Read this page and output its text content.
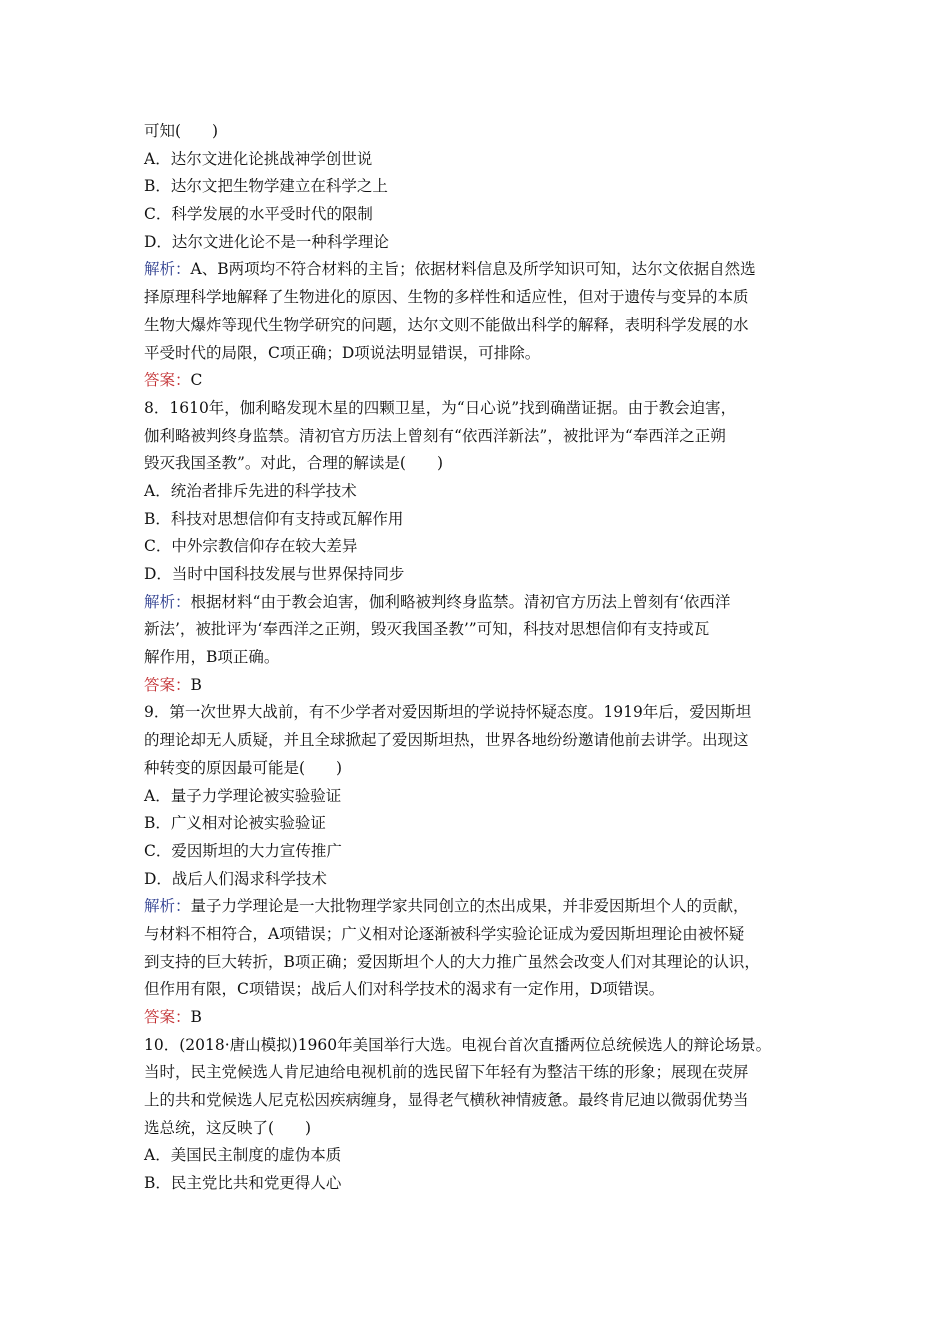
可知(　　)
A．达尔文进化论挑战神学创世说
B．达尔文把生物学建立在科学之上
C．科学发展的水平受时代的限制
D．达尔文进化论不是一种科学理论
解析：A、B两项均不符合材料的主旨；依据材料信息及所学知识可知，达尔文依据自然选
择原理科学地解释了生物进化的原因、生物的多样性和适应性，但对于遗传与变异的本质
生物大爆炸等现代生物学研究的问题，达尔文则不能做出科学的解释，表明科学发展的水
平受时代的局限，C项正确；D项说法明显错误，可排除。
答案：C
8．1610年，伽利略发现木星的四颗卫星，为“日心说”找到确凿证据。由于教会迫害，
伽利略被判终身监禁。清初官方历法上曾刻有“依西洋新法”，被批评为“奉西洋之正朔
毁灭我国圣教”。对此，合理的解读是(　　)
A．统治者排斥先进的科学技术
B．科技对思想信仰有支持或瓦解作用
C．中外宗教信仰存在较大差异
D．当时中国科技发展与世界保持同步
解析：根据材料“由于教会迫害，伽利略被判终身监禁。清初官方历法上曾刻有‘依西洋
新法’，被批评为‘奉西洋之正朔，毁灭我国圣教’”可知，科技对思想信仰有支持或瓦
解作用，B项正确。
答案：B
9．第一次世界大战前，有不少学者对爱因斯坦的学说持怀疑态度。1919年后，爱因斯坦
的理论却无人质疑，并且全球掀起了爱因斯坦热，世界各地纷纷邀请他前去讲学。出现这
种转变的原因最可能是(　　)
A．量子力学理论被实验验证
B．广义相对论被实验验证
C．爱因斯坦的大力宣传推广
D．战后人们渴求科学技术
解析：量子力学理论是一大批物理学家共同创立的杰出成果，并非爱因斯坦个人的贡献，
与材料不相符合，A项错误；广义相对论逐渐被科学实验论证成为爱因斯坦理论由被怀疑
到支持的巨大转折，B项正确；爱因斯坦个人的大力推广虽然会改变人们对其理论的认识，
但作用有限，C项错误；战后人们对科学技术的渴求有一定作用，D项错误。
答案：B
10．(2018·唐山模拟)1960年美国举行大选。电视台首次直播两位总统候选人的辩论场景。
当时，民主党候选人肯尼迪给电视机前的选民留下年轻有为整洁干练的形象；展现在荧屏
上的共和党候选人尼克松因疾病缠身，显得老气横秋神情疲惫。最终肯尼迪以微弱优势当
选总统，这反映了(　　)
A．美国民主制度的虚伪本质
B．民主党比共和党更得人心
